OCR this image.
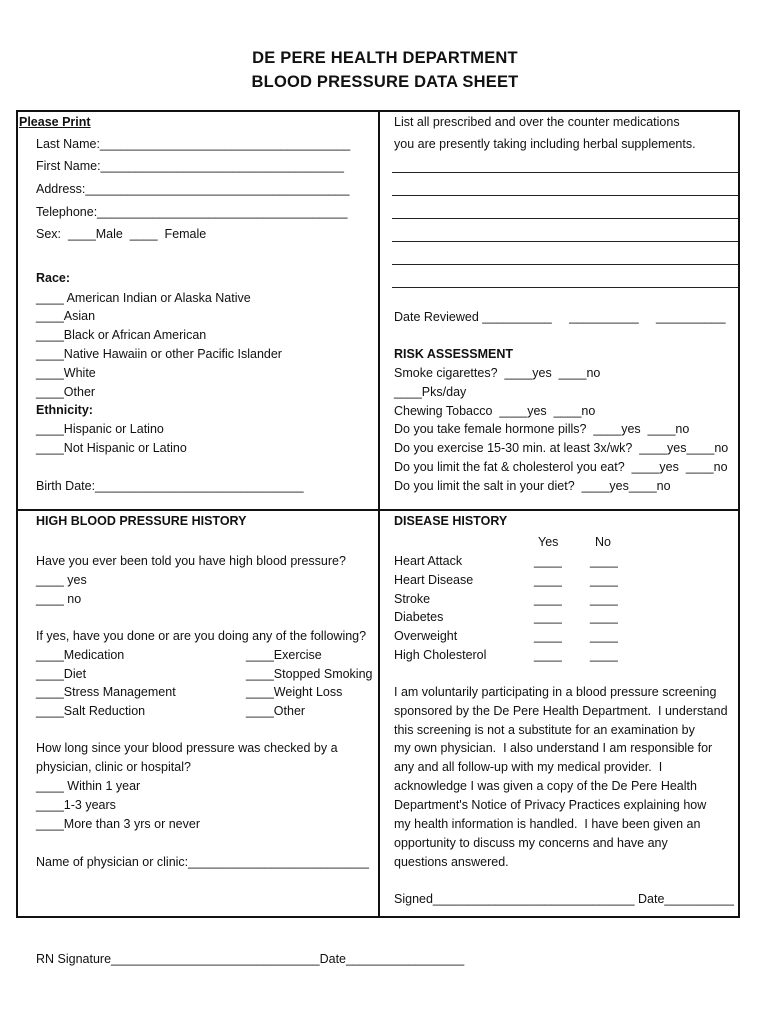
DE PERE HEALTH DEPARTMENT
BLOOD PRESSURE DATA SHEET
Please Print
Last Name:____________________________________
First Name:___________________________________
Address:______________________________________
Telephone:____________________________________
Sex:  ____Male  ____  Female
Race:
____ American Indian or Alaska Native
____Asian
____Black or African American
____Native Hawaiin or other Pacific Islander
____White
____Other
Ethnicity:
____Hispanic or Latino
____Not Hispanic or Latino
Birth Date:______________________________
List all prescribed and over the counter medications
you are presently taking including herbal supplements.
Date Reviewed __________     __________     __________
RISK ASSESSMENT
Smoke cigarettes?  ____yes  ____no
____Pks/day
Chewing Tobacco  ____yes  ____no
Do you take female hormone pills?  ____yes  ____no
Do you exercise 15-30 min. at least 3x/wk?  ____yes____no
Do you limit the fat & cholesterol you eat?  ____yes  ____no
Do you limit the salt in your diet?  ____yes____no
HIGH BLOOD PRESSURE HISTORY
Have you ever been told you have high blood pressure?
____ yes
____ no
If yes, have you done or are you doing any of the following?
____Medication
____Diet
____Stress Management
____Salt Reduction
____Exercise
____Stopped Smoking
____Weight Loss
____Other
How long since your blood pressure was checked by a
physician, clinic or hospital?
____ Within 1 year
____1-3 years
____More than 3 yrs or never
Name of physician or clinic:__________________________
DISEASE HISTORY
Yes	No
Heart Attack	____ ____
Heart Disease	____ ____
Stroke	____ ____
Diabetes	____ ____
Overweight	____ ____
High Cholesterol	____ ____
I am voluntarily participating in a blood pressure screening
sponsored by the De Pere Health Department.  I understand
this screening is not a substitute for an examination by
my own physician.  I also understand I am responsible for
any and all follow-up with my medical provider.  I
acknowledge I was given a copy of the De Pere Health
Department's Notice of Privacy Practices explaining how
my health information is handled.  I have been given an
opportunity to discuss my concerns and have any
questions answered.
Signed_____________________________ Date__________
RN Signature______________________________Date_________________
